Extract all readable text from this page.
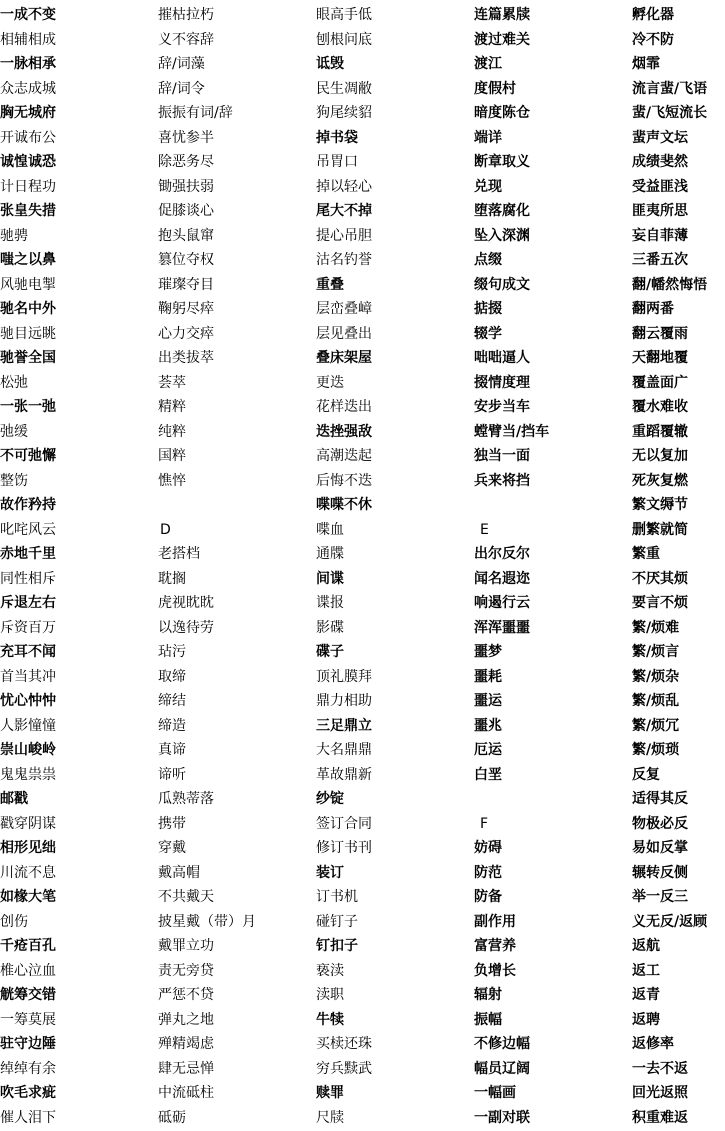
一成不变
相辅相成
一脉相承
众志成城
胸无城府
开诚布公
诚惶诚恐
计日程功
张皇失措
驰骋
嗤之以鼻
风驰电掣
驰名中外
驰目远眺
驰誉全国
松弛
一张一弛
弛缓
不可弛懈
整饬
故作矜持
叱咤风云
赤地千里
同性相斥
斥退左右
斥资百万
充耳不闻
首当其冲
忧心忡忡
人影憧憧
崇山峻岭
鬼鬼祟祟
邮戳
戳穿阴谋
相形见绌
川流不息
如椽大笔
创伤
千疮百孔
椎心泣血
觥筹交错
一筹莫展
驻守边陲
绰绰有余
吹毛求疵
催人泪下
摧枯拉朽
义不容辞
辞/词藻
辞/词令
振振有词/辞
喜忧参半
除恶务尽
锄强扶弱
促膝谈心
抱头鼠窜
篡位夺权
璀璨夺目
鞠躬尽瘁
心力交瘁
出类拔萃
荟萃
精粹
纯粹
国粹
憔悴
D
老搭档
耽搁
虎视眈眈
以逸待劳
玷污
取缔
缔结
缔造
真谛
谛听
瓜熟蒂落
携带
穿戴
戴高帽
不共戴天
披星戴（带）月
戴罪立功
责无旁贷
严惩不贷
弹丸之地
殚精竭虑
肆无忌惮
中流砥柱
砥砺
眼高手低
刨根问底
诋毁
民生凋敝
狗尾续貂
掉书袋
吊胃口
掉以轻心
尾大不掉
提心吊胆
沽名钓誉
重叠
层峦叠嶂
层见叠出
叠床架屋
更迭
花样迭出
迭挫强敌
高潮迭起
后悔不迭
喋喋不休
喋血
通牒
间谍
谍报
影碟
碟子
顶礼膜拜
鼎力相助
三足鼎立
大名鼎鼎
革故鼎新
纱锭
签订合同
修订书刊
装订
订书机
碰钉子
钉扣子
亵渎
渎职
牛犊
买椟还珠
穷兵黩武
赎罪
尺牍
连篇累牍
渡过难关
渡江
度假村
暗度陈仓
端详
断章取义
兑现
堕落腐化
坠入深渊
点缀
缀句成文
掂掇
辍学
咄咄逼人
掇情度理
安步当车
螳臂当/挡车
独当一面
兵来将挡
E
出尔反尔
闻名遐迩
响遏行云
浑浑噩噩
噩梦
噩耗
噩运
噩兆
厄运
白垩
F
妨碍
防范
防备
副作用
富营养
负增长
辐射
振幅
不修边幅
幅员辽阔
一幅画
一副对联
孵化器
冷不防
烟霏
流言蜚/飞语
蜚/飞短流长
蜚声文坛
成绩斐然
受益匪浅
匪夷所思
妄自菲薄
三番五次
翻/幡然悔悟
翻两番
翻云覆雨
天翻地覆
覆盖面广
覆水难收
重蹈覆辙
无以复加
死灰复燃
繁文缛节
删繁就简
繁重
不厌其烦
要言不烦
繁/烦难
繁/烦言
繁/烦杂
繁/烦乱
繁/烦冗
繁/烦琐
反复
适得其反
物极必反
易如反掌
辗转反侧
举一反三
义无反/返顾
返航
返工
返青
返聘
返修率
一去不返
回光返照
积重难返
